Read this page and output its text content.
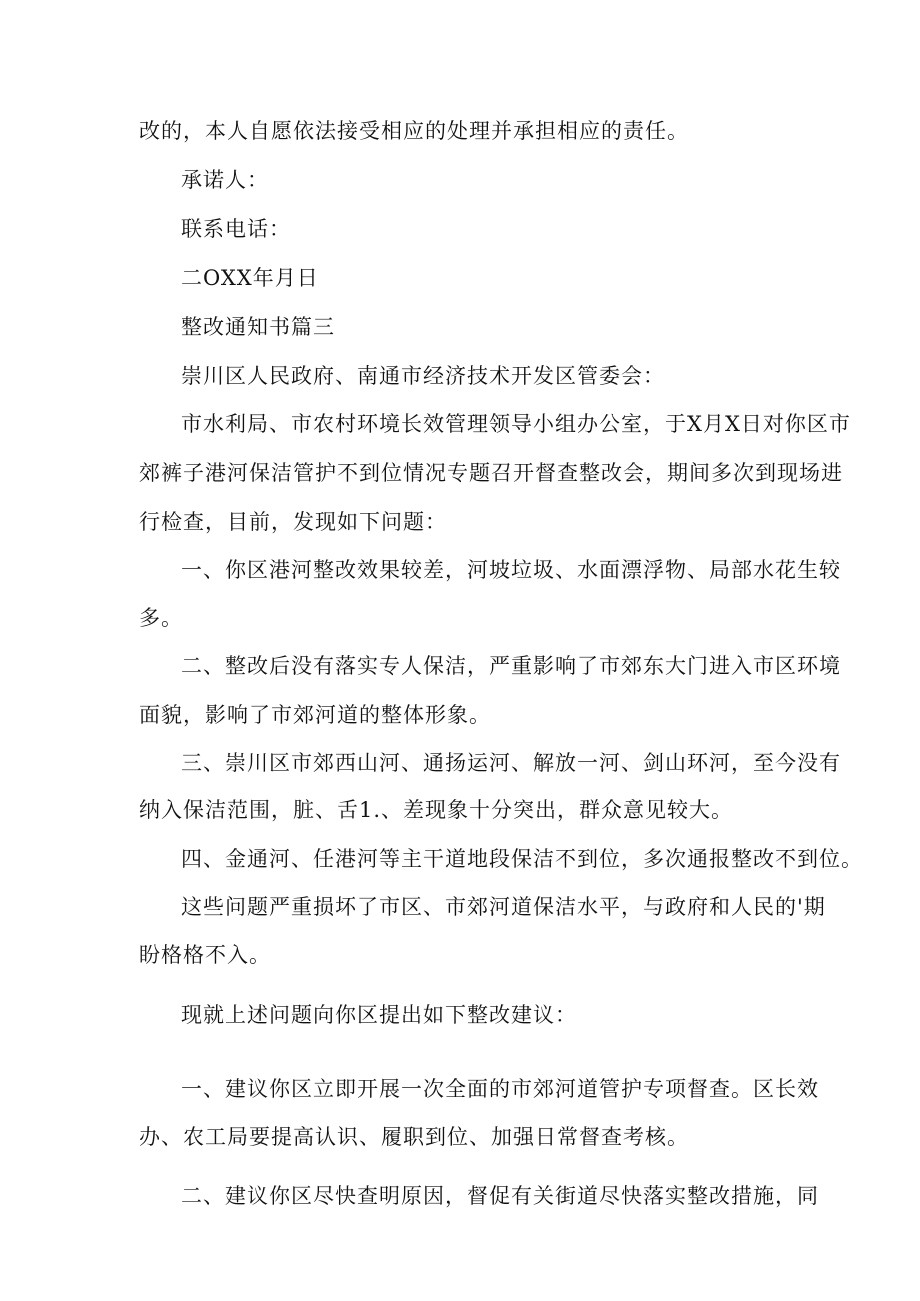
改的，本人自愿依法接受相应的处理并承担相应的责任。
承诺人：
联系电话：
二OXX年月日
整改通知书篇三
崇川区人民政府、南通市经济技术开发区管委会：
市水利局、市农村环境长效管理领导小组办公室，于X月X日对你区市
郊裤子港河保洁管护不到位情况专题召开督查整改会，期间多次到现场进
行检查，目前，发现如下问题：
一、你区港河整改效果较差，河坡垃圾、水面漂浮物、局部水花生较
多。
二、整改后没有落实专人保洁，严重影响了市郊东大门进入市区环境
面貌，影响了市郊河道的整体形象。
三、崇川区市郊西山河、通扬运河、解放一河、剑山环河，至今没有
纳入保洁范围，脏、舌1.、差现象十分突出，群众意见较大。
四、金通河、任港河等主干道地段保洁不到位，多次通报整改不到位。
这些问题严重损坏了市区、市郊河道保洁水平，与政府和人民的'期
盼格格不入。
现就上述问题向你区提出如下整改建议：
一、建议你区立即开展一次全面的市郊河道管护专项督查。区长效
办、农工局要提高认识、履职到位、加强日常督查考核。
二、建议你区尽快查明原因，督促有关街道尽快落实整改措施，同
